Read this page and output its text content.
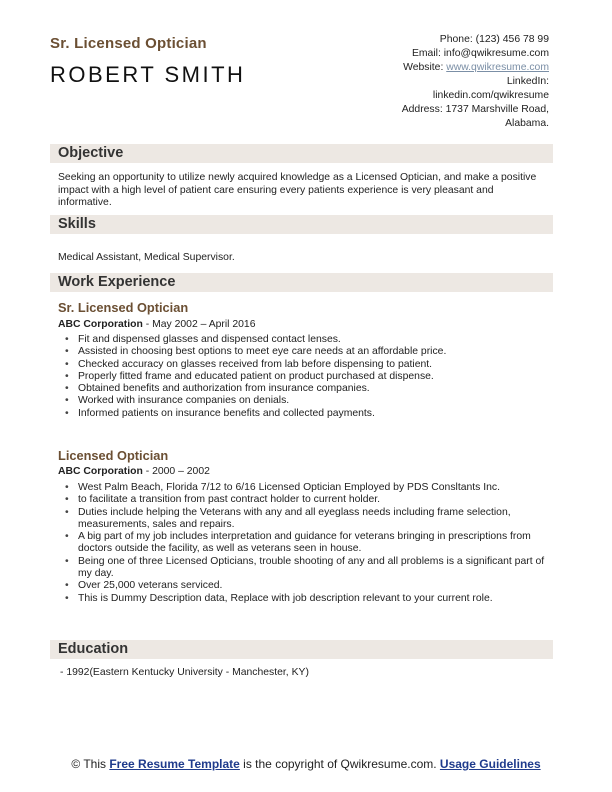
Sr. Licensed Optician
ROBERT SMITH
Phone: (123) 456 78 99
Email: info@qwikresume.com
Website: www.qwikresume.com
LinkedIn:
linkedin.com/qwikresume
Address: 1737 Marshville Road,
Alabama.
Objective
Seeking an opportunity to utilize newly acquired knowledge as a Licensed Optician, and make a positive impact with a high level of patient care ensuring every patients experience is very pleasant and informative.
Skills
Medical Assistant, Medical Supervisor.
Work Experience
Sr. Licensed Optician
ABC Corporation - May 2002 – April 2016
• Fit and dispensed glasses and dispensed contact lenses.
• Assisted in choosing best options to meet eye care needs at an affordable price.
• Checked accuracy on glasses received from lab before dispensing to patient.
• Properly fitted frame and educated patient on product purchased at dispense.
• Obtained benefits and authorization from insurance companies.
• Worked with insurance companies on denials.
• Informed patients on insurance benefits and collected payments.
Licensed Optician
ABC Corporation - 2000 – 2002
• West Palm Beach, Florida 7/12 to 6/16 Licensed Optician Employed by PDS Consltants Inc.
• to facilitate a transition from past contract holder to current holder.
• Duties include helping the Veterans with any and all eyeglass needs including frame selection, measurements, sales and repairs.
• A big part of my job includes interpretation and guidance for veterans bringing in prescriptions from doctors outside the facility, as well as veterans seen in house.
• Being one of three Licensed Opticians, trouble shooting of any and all problems is a significant part of my day.
• Over 25,000 veterans serviced.
• This is Dummy Description data, Replace with job description relevant to your current role.
Education
- 1992(Eastern Kentucky University - Manchester, KY)
© This Free Resume Template is the copyright of Qwikresume.com. Usage Guidelines
